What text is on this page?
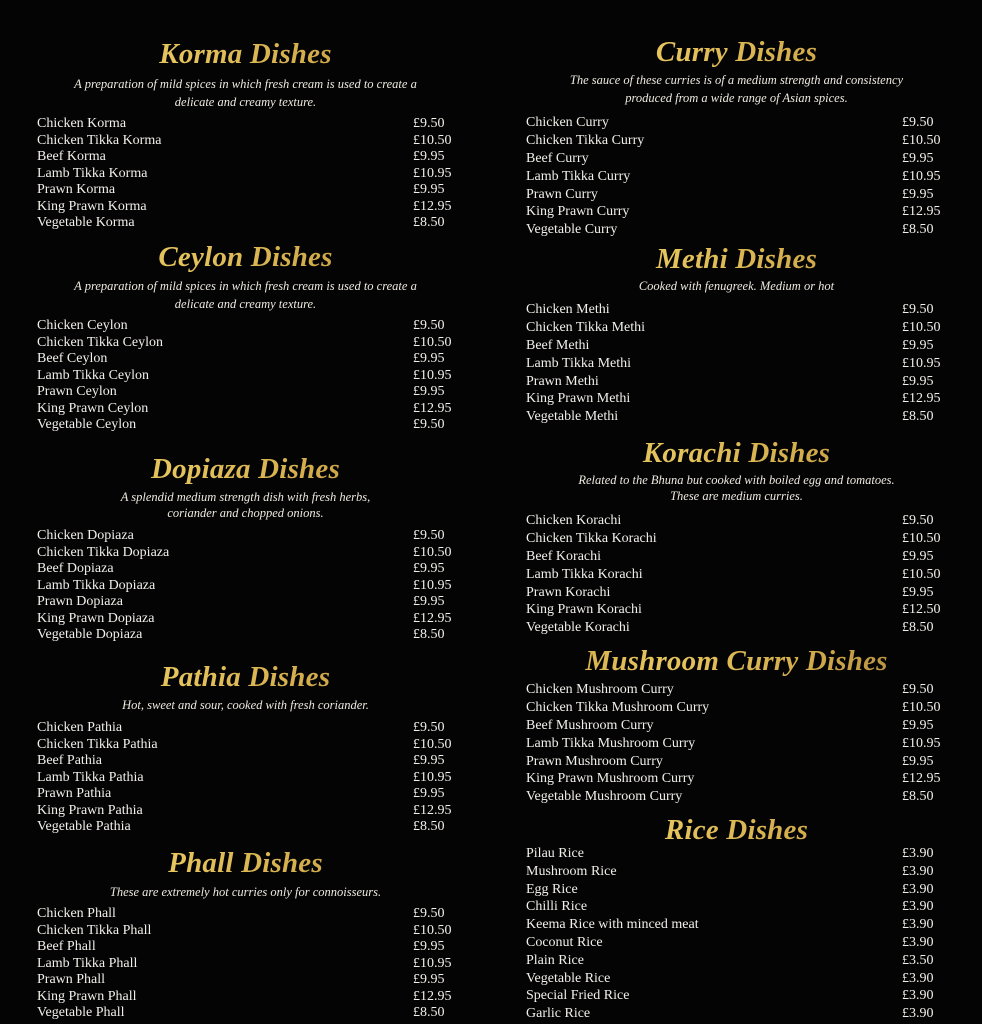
Korma Dishes
A preparation of mild spices in which fresh cream is used to create a
delicate and creamy texture.
Chicken Korma	£9.50
Chicken Tikka Korma	£10.50
Beef Korma	£9.95
Lamb Tikka Korma	£10.95
Prawn Korma	£9.95
King Prawn Korma	£12.95
Vegetable Korma	£8.50
Ceylon Dishes
A preparation of mild spices in which fresh cream is used to create a
delicate and creamy texture.
Chicken Ceylon	£9.50
Chicken Tikka Ceylon	£10.50
Beef Ceylon	£9.95
Lamb Tikka Ceylon	£10.95
Prawn Ceylon	£9.95
King Prawn Ceylon	£12.95
Vegetable Ceylon	£9.50
Dopiaza Dishes
A splendid medium strength dish with fresh herbs,
coriander and chopped onions.
Chicken Dopiaza	£9.50
Chicken Tikka Dopiaza	£10.50
Beef Dopiaza	£9.95
Lamb Tikka Dopiaza	£10.95
Prawn Dopiaza	£9.95
King Prawn Dopiaza	£12.95
Vegetable Dopiaza	£8.50
Pathia Dishes
Hot, sweet and sour, cooked with fresh coriander.
Chicken Pathia	£9.50
Chicken Tikka Pathia	£10.50
Beef Pathia	£9.95
Lamb Tikka Pathia	£10.95
Prawn Pathia	£9.95
King Prawn Pathia	£12.95
Vegetable Pathia	£8.50
Phall Dishes
These are extremely hot curries only for connoisseurs.
Chicken Phall	£9.50
Chicken Tikka Phall	£10.50
Beef Phall	£9.95
Lamb Tikka Phall	£10.95
Prawn Phall	£9.95
King Prawn Phall	£12.95
Vegetable Phall	£8.50
Curry Dishes
The sauce of these curries is of a medium strength and consistency
produced from a wide range of Asian spices.
Chicken Curry	£9.50
Chicken Tikka Curry	£10.50
Beef Curry	£9.95
Lamb Tikka Curry	£10.95
Prawn Curry	£9.95
King Prawn Curry	£12.95
Vegetable Curry	£8.50
Methi Dishes
Cooked with fenugreek. Medium or hot
Chicken Methi	£9.50
Chicken Tikka Methi	£10.50
Beef Methi	£9.95
Lamb Tikka Methi	£10.95
Prawn Methi	£9.95
King Prawn Methi	£12.95
Vegetable Methi	£8.50
Korachi Dishes
Related to the Bhuna but cooked with boiled egg and tomatoes.
These are medium curries.
Chicken Korachi	£9.50
Chicken Tikka Korachi	£10.50
Beef Korachi	£9.95
Lamb Tikka Korachi	£10.50
Prawn Korachi	£9.95
King Prawn Korachi	£12.50
Vegetable Korachi	£8.50
Mushroom Curry Dishes
Chicken Mushroom Curry	£9.50
Chicken Tikka Mushroom Curry	£10.50
Beef Mushroom Curry	£9.95
Lamb Tikka Mushroom Curry	£10.95
Prawn Mushroom Curry	£9.95
King Prawn Mushroom Curry	£12.95
Vegetable Mushroom Curry	£8.50
Rice Dishes
Pilau Rice	£3.90
Mushroom Rice	£3.90
Egg Rice	£3.90
Chilli Rice	£3.90
Keema Rice with minced meat	£3.90
Coconut Rice	£3.90
Plain Rice	£3.50
Vegetable Rice	£3.90
Special Fried Rice	£3.90
Garlic Rice	£3.90
